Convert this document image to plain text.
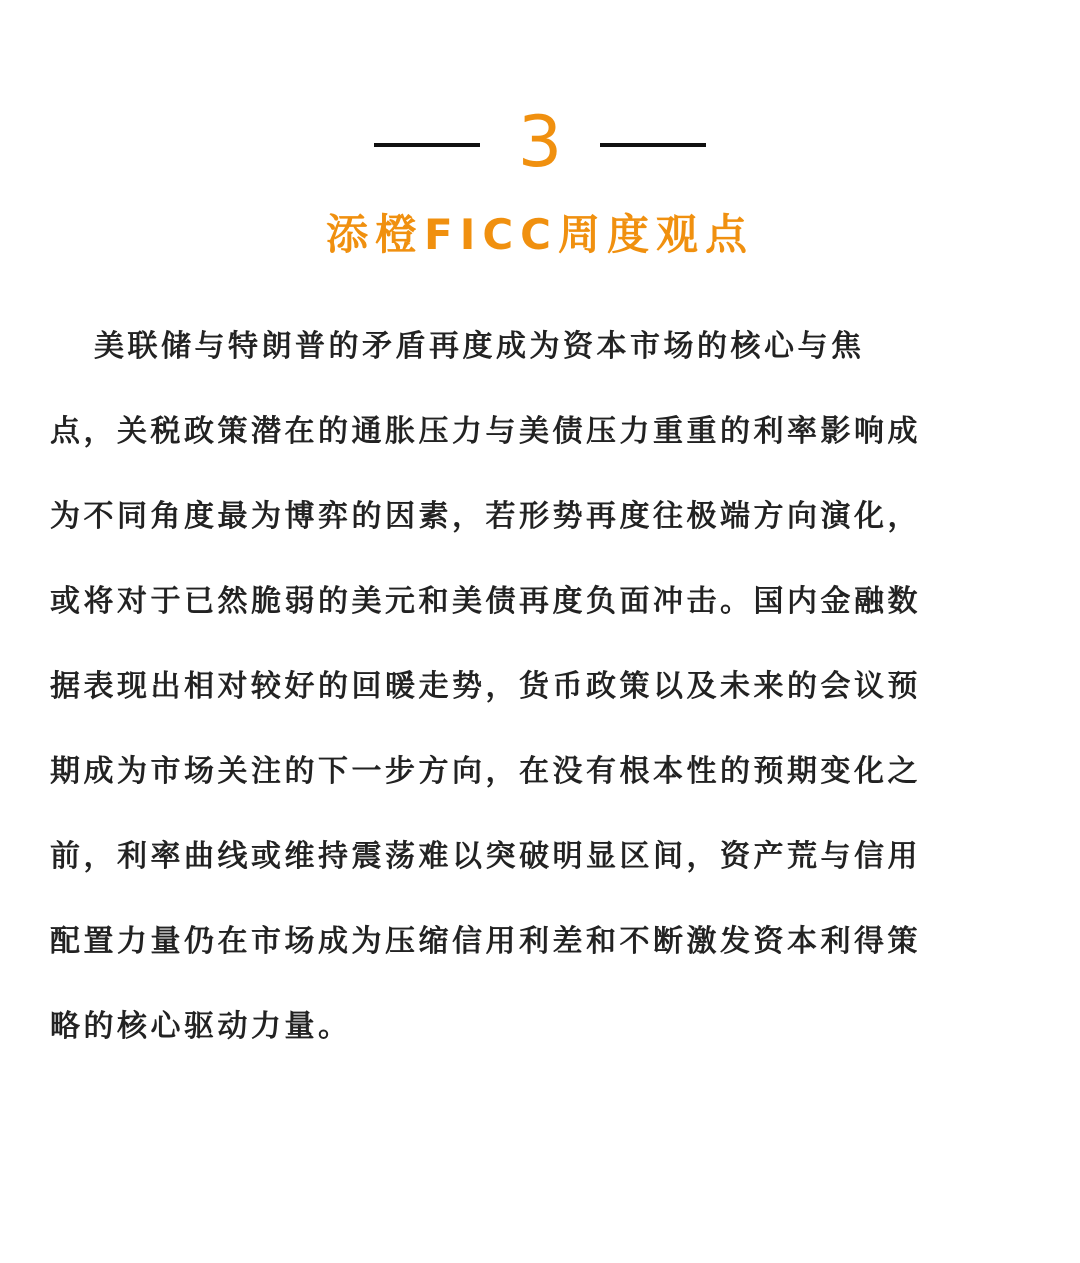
3
添橙FICC周度观点
美联储与特朗普的矛盾再度成为资本市场的核心与焦
点，关税政策潜在的通胀压力与美债压力重重的利率影响成
为不同角度最为博弈的因素，若形势再度往极端方向演化，
或将对于已然脆弱的美元和美债再度负面冲击。国内金融数
据表现出相对较好的回暖走势，货币政策以及未来的会议预
期成为市场关注的下一步方向，在没有根本性的预期变化之
前，利率曲线或维持震荡难以突破明显区间，资产荒与信用
配置力量仍在市场成为压缩信用利差和不断激发资本利得策
略的核心驱动力量。
